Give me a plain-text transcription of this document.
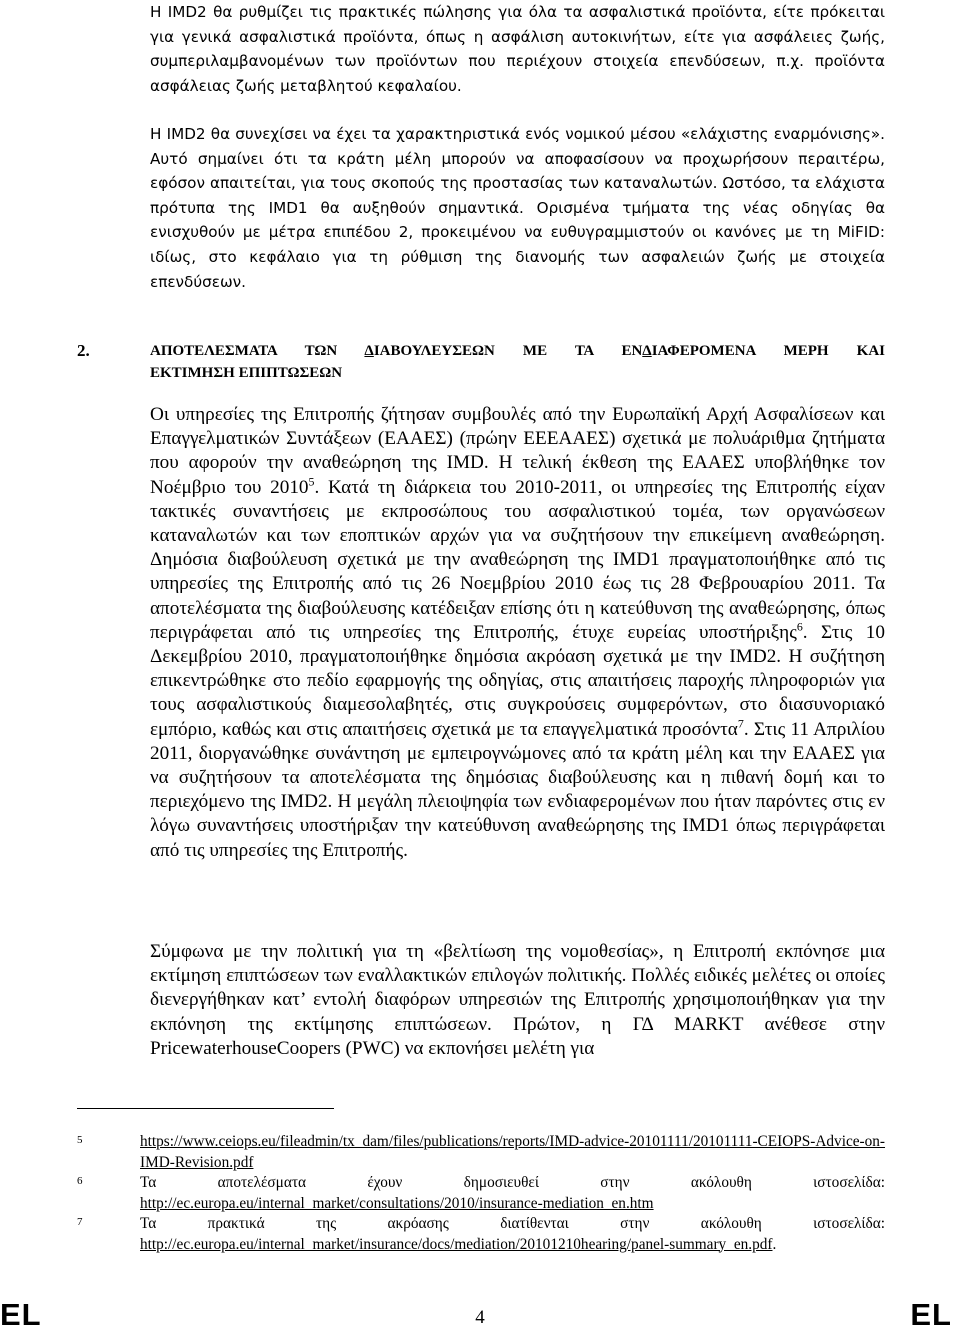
Η IMD2 θα ρυθμίζει τις πρακτικές πώλησης για όλα τα ασφαλιστικά προϊόντα, είτε πρόκειται για γενικά ασφαλιστικά προϊόντα, όπως η ασφάλιση αυτοκινήτων, είτε για ασφάλειες ζωής, συμπεριλαμβανομένων των προϊόντων που περιέχουν στοιχεία επενδύσεων, π.χ. προϊόντα ασφάλειας ζωής μεταβλητού κεφαλαίου.

Η IMD2 θα συνεχίσει να έχει τα χαρακτηριστικά ενός νομικού μέσου «ελάχιστης εναρμόνισης». Αυτό σημαίνει ότι τα κράτη μέλη μπορούν να αποφασίσουν να προχωρήσουν περαιτέρω, εφόσον απαιτείται, για τους σκοπούς της προστασίας των καταναλωτών. Ωστόσο, τα ελάχιστα πρότυπα της IMD1 θα αυξηθούν σημαντικά. Ορισμένα τμήματα της νέας οδηγίας θα ενισχυθούν με μέτρα επιπέδου 2, προκειμένου να ευθυγραμμιστούν οι κανόνες με τη MiFID: ιδίως, στο κεφάλαιο για τη ρύθμιση της διανομής των ασφαλειών ζωής με στοιχεία επενδύσεων.

2.	ΑΠΟΤΕΛΕΣΜΑΤΑ ΤΩΝ ΔΙΑΒΟΥΛΕΥΣΕΩΝ ΜΕ ΤΑ ΕΝΔΙΑΦΕΡΟΜΕΝΑ ΜΕΡΗ ΚΑΙ
ΕΚΤΙΜΗΣΗ ΕΠΙΠΤΩΣΕΩΝ

Οι υπηρεσίες της Επιτροπής ζήτησαν συμβουλές από την Ευρωπαϊκή Αρχή Ασφαλίσεων και Επαγγελματικών Συντάξεων (ΕΑΑΕΣ) (πρώην ΕΕΕΑΑΕΣ) σχετικά με πολυάριθμα ζητήματα που αφορούν την αναθεώρηση της IMD. Η τελική έκθεση της ΕΑΑΕΣ υποβλήθηκε τον Νοέμβριο του 2010$^5$. Κατά τη διάρκεια του 2010-2011, οι υπηρεσίες της Επιτροπής είχαν τακτικές συναντήσεις με εκπροσώπους του ασφαλιστικού τομέα, των οργανώσεων καταναλωτών και των εποπτικών αρχών για να συζητήσουν την επικείμενη αναθεώρηση. Δημόσια διαβούλευση σχετικά με την αναθεώρηση της IMD1 πραγματοποιήθηκε από τις υπηρεσίες της Επιτροπής από τις 26 Νοεμβρίου 2010 έως τις 28 Φεβρουαρίου 2011. Τα αποτελέσματα της διαβούλευσης κατέδειξαν επίσης ότι η κατεύθυνση της αναθεώρησης, όπως περιγράφεται από τις υπηρεσίες της Επιτροπής, έτυχε ευρείας υποστήριξης$^6$. Στις 10 Δεκεμβρίου 2010, πραγματοποιήθηκε δημόσια ακρόαση σχετικά με την IMD2. Η συζήτηση επικεντρώθηκε στο πεδίο εφαρμογής της οδηγίας, στις απαιτήσεις παροχής πληροφοριών για τους ασφαλιστικούς διαμεσολαβητές, στις συγκρούσεις συμφερόντων, στο διασυνοριακό εμπόριο, καθώς και στις απαιτήσεις σχετικά με τα επαγγελματικά προσόντα$^7$. Στις 11 Απριλίου 2011, διοργανώθηκε συνάντηση με εμπειρογνώμονες από τα κράτη μέλη και την ΕΑΑΕΣ για να συζητήσουν τα αποτελέσματα της δημόσιας διαβούλευσης και η πιθανή δομή και το περιεχόμενο της IMD2. Η μεγάλη πλειοψηφία των ενδιαφερομένων που ήταν παρόντες στις εν λόγω συναντήσεις υποστήριξαν την κατεύθυνση αναθεώρησης της IMD1 όπως περιγράφεται από τις υπηρεσίες της Επιτροπής.

Σύμφωνα με την πολιτική για τη «βελτίωση της νομοθεσίας», η Επιτροπή εκπόνησε μια εκτίμηση επιπτώσεων των εναλλακτικών επιλογών πολιτικής. Πολλές ειδικές μελέτες οι οποίες διενεργήθηκαν κατ’ εντολή διαφόρων υπηρεσιών της Επιτροπής χρησιμοποιήθηκαν για την εκπόνηση της εκτίμησης επιπτώσεων. Πρώτον, η ΓΔ MARKT ανέθεσε στην PricewaterhouseCoopers (PWC) να εκπονήσει μελέτη για

5	https://www.ceiops.eu/fileadmin/tx_dam/files/publications/reports/IMD-advice-20101111/20101111-CEIOPS-Advice-on-IMD-Revision.pdf
6	Τα αποτελέσματα έχουν δημοσιευθεί στην ακόλουθη ιστοσελίδα:
http://ec.europa.eu/internal_market/consultations/2010/insurance-mediation_en.htm
7	Τα πρακτικά της ακρόασης διατίθενται στην ακόλουθη ιστοσελίδα:
http://ec.europa.eu/internal_market/insurance/docs/mediation/20101210hearing/panel-summary_en.pdf.
EL	4	EL
